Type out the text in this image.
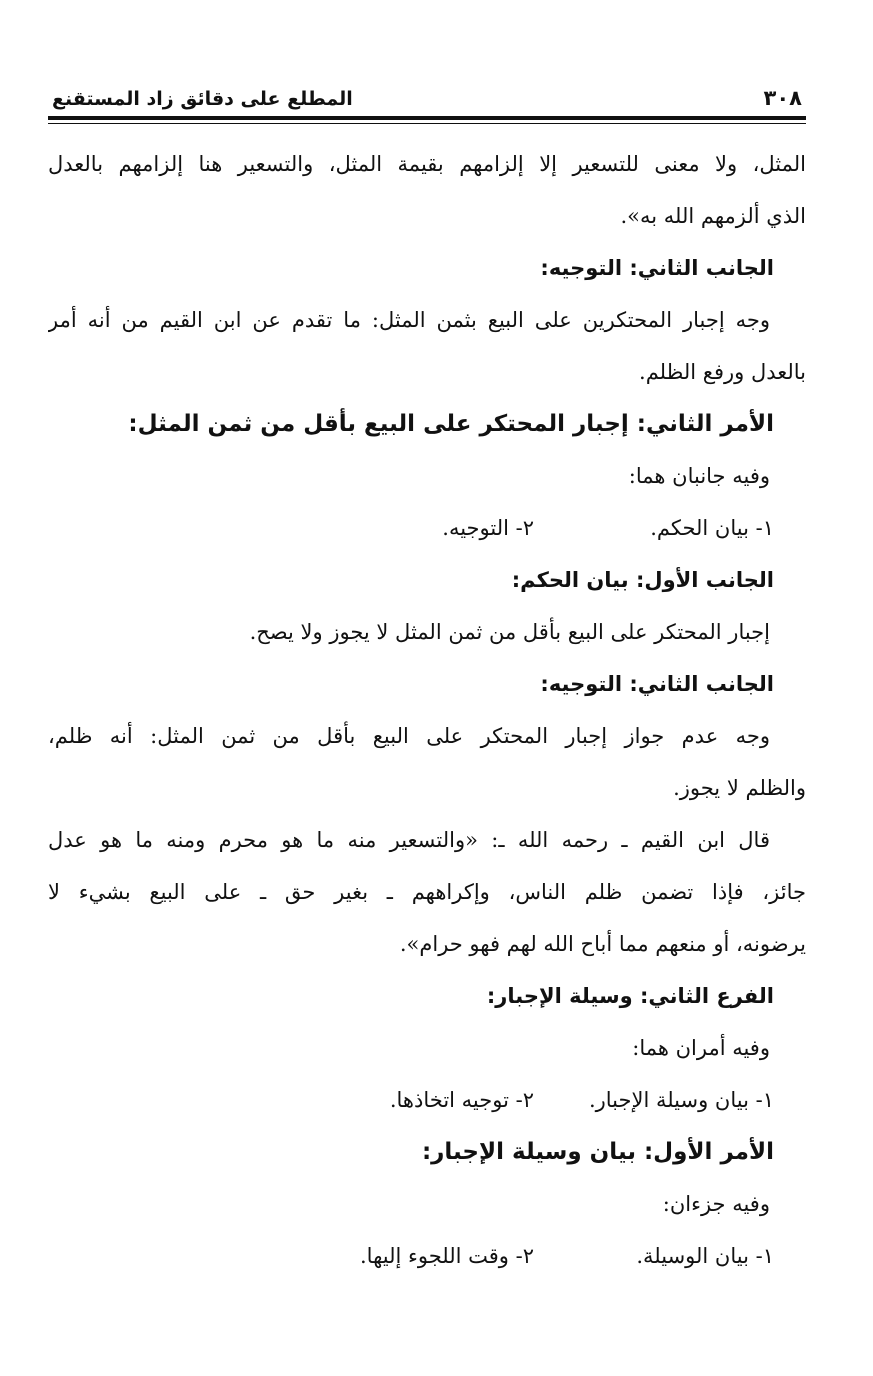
٣٠٨
المطلع على دقائق زاد المستقنع
المثل، ولا معنى للتسعير إلا إلزامهم بقيمة المثل، والتسعير هنا إلزامهم بالعدل
الذي ألزمهم الله به».
الجانب الثاني: التوجيه:
وجه إجبار المحتكرين على البيع بثمن المثل: ما تقدم عن ابن القيم من أنه أمر
بالعدل ورفع الظلم.
الأمر الثاني: إجبار المحتكر على البيع بأقل من ثمن المثل:
وفيه جانبان هما:
١- بيان الحكم.
٢- التوجيه.
الجانب الأول: بيان الحكم:
إجبار المحتكر على البيع بأقل من ثمن المثل لا يجوز ولا يصح.
الجانب الثاني: التوجيه:
وجه عدم جواز إجبار المحتكر على البيع بأقل من ثمن المثل: أنه ظلم،
والظلم لا يجوز.
قال ابن القيم ـ رحمه الله ـ: «والتسعير منه ما هو محرم ومنه ما هو عدل
جائز، فإذا تضمن ظلم الناس، وإكراههم ـ بغير حق ـ على البيع بشيء لا
يرضونه، أو منعهم مما أباح الله لهم فهو حرام».
الفرع الثاني: وسيلة الإجبار:
وفيه أمران هما:
١- بيان وسيلة الإجبار.
٢- توجيه اتخاذها.
الأمر الأول: بيان وسيلة الإجبار:
وفيه جزءان:
١- بيان الوسيلة.
٢- وقت اللجوء إليها.
